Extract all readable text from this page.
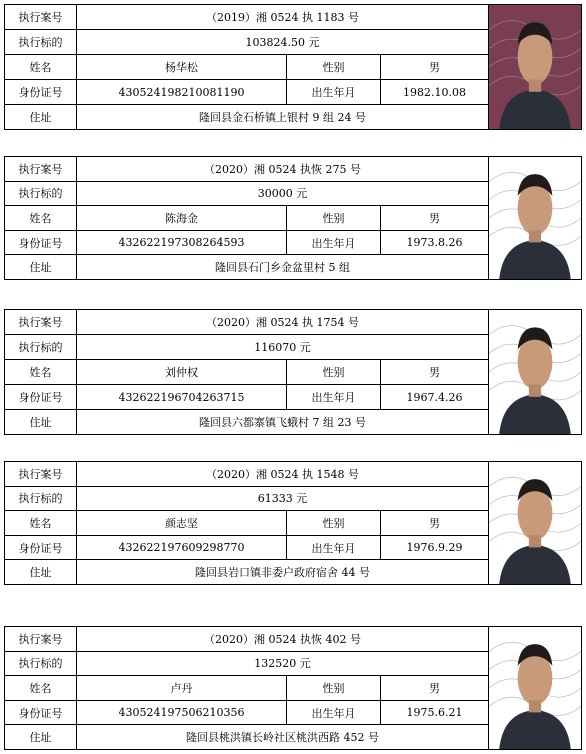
执行案号	（2019）湘 0524 执 1183 号
执行标的	103824.50 元
姓名	杨华松	性别	男
身份证号	430524198210081190	出生年月	1982.10.08
住址	隆回县金石桥镇上银村 9 组 24 号
执行案号	（2020）湘 0524 执恢 275 号
执行标的	30000 元
姓名	陈海金	性别	男
身份证号	432622197308264593	出生年月	1973.8.26
住址	隆回县石门乡金盆里村 5 组
执行案号	（2020）湘 0524 执 1754 号
执行标的	116070 元
姓名	刘仲权	性别	男
身份证号	432622196704263715	出生年月	1967.4.26
住址	隆回县六都寨镇飞蛾村 7 组 23 号
执行案号	（2020）湘 0524 执 1548 号
执行标的	61333 元
姓名	颜志坚	性别	男
身份证号	432622197609298770	出生年月	1976.9.29
住址	隆回县岩口镇非委户政府宿舍 44 号
执行案号	（2020）湘 0524 执恢 402 号
执行标的	132520 元
姓名	卢丹	性别	男
身份证号	430524197506210356	出生年月	1975.6.21
住址	隆回县桃洪镇长岭社区桃洪西路 452 号
